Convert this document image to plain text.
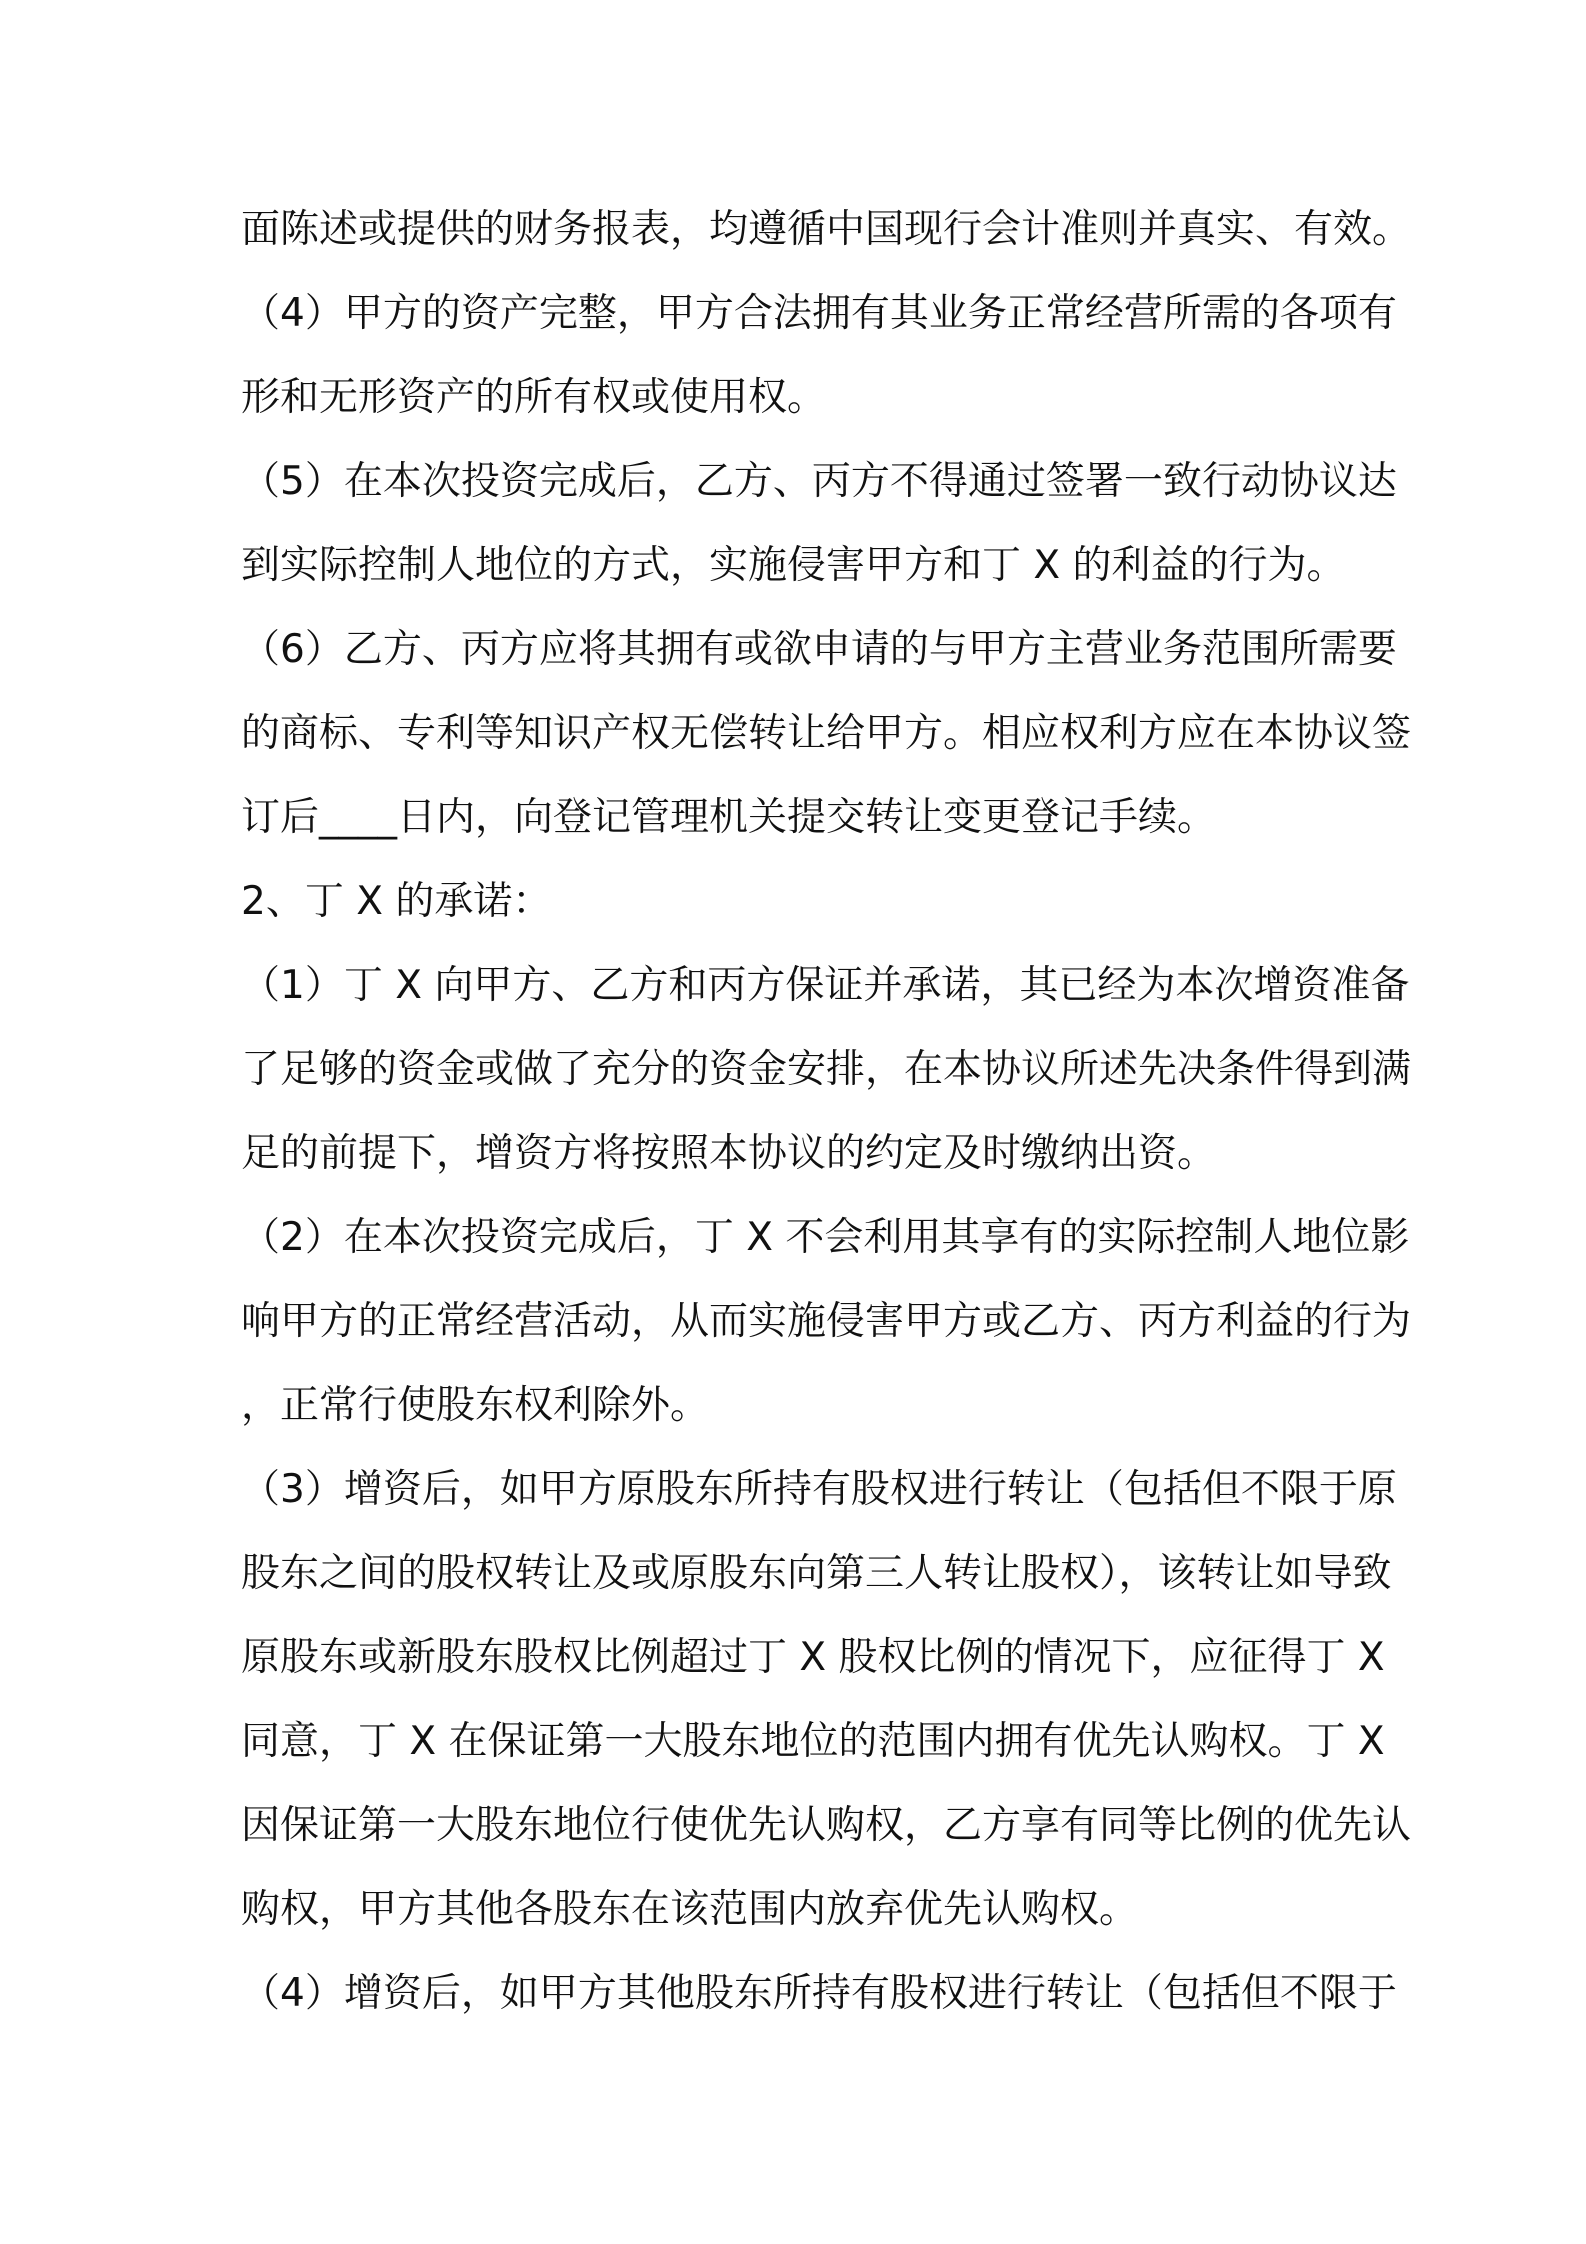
面陈述或提供的财务报表，均遵循中国现行会计准则并真实、有效。
（4）甲方的资产完整，甲方合法拥有其业务正常经营所需的各项有
形和无形资产的所有权或使用权。
（5）在本次投资完成后，乙方、丙方不得通过签署一致行动协议达
到实际控制人地位的方式，实施侵害甲方和丁 X 的利益的行为。
（6）乙方、丙方应将其拥有或欲申请的与甲方主营业务范围所需要
的商标、专利等知识产权无偿转让给甲方。相应权利方应在本协议签
订后____日内，向登记管理机关提交转让变更登记手续。
2、丁 X 的承诺：
（1）丁 X 向甲方、乙方和丙方保证并承诺，其已经为本次增资准备
了足够的资金或做了充分的资金安排，在本协议所述先决条件得到满
足的前提下，增资方将按照本协议的约定及时缴纳出资。
（2）在本次投资完成后，丁 X 不会利用其享有的实际控制人地位影
响甲方的正常经营活动，从而实施侵害甲方或乙方、丙方利益的行为
，正常行使股东权利除外。
（3）增资后，如甲方原股东所持有股权进行转让（包括但不限于原
股东之间的股权转让及或原股东向第三人转让股权），该转让如导致
原股东或新股东股权比例超过丁 X 股权比例的情况下，应征得丁 X
同意，丁 X 在保证第一大股东地位的范围内拥有优先认购权。丁 X
因保证第一大股东地位行使优先认购权，乙方享有同等比例的优先认
购权，甲方其他各股东在该范围内放弃优先认购权。
（4）增资后，如甲方其他股东所持有股权进行转让（包括但不限于
